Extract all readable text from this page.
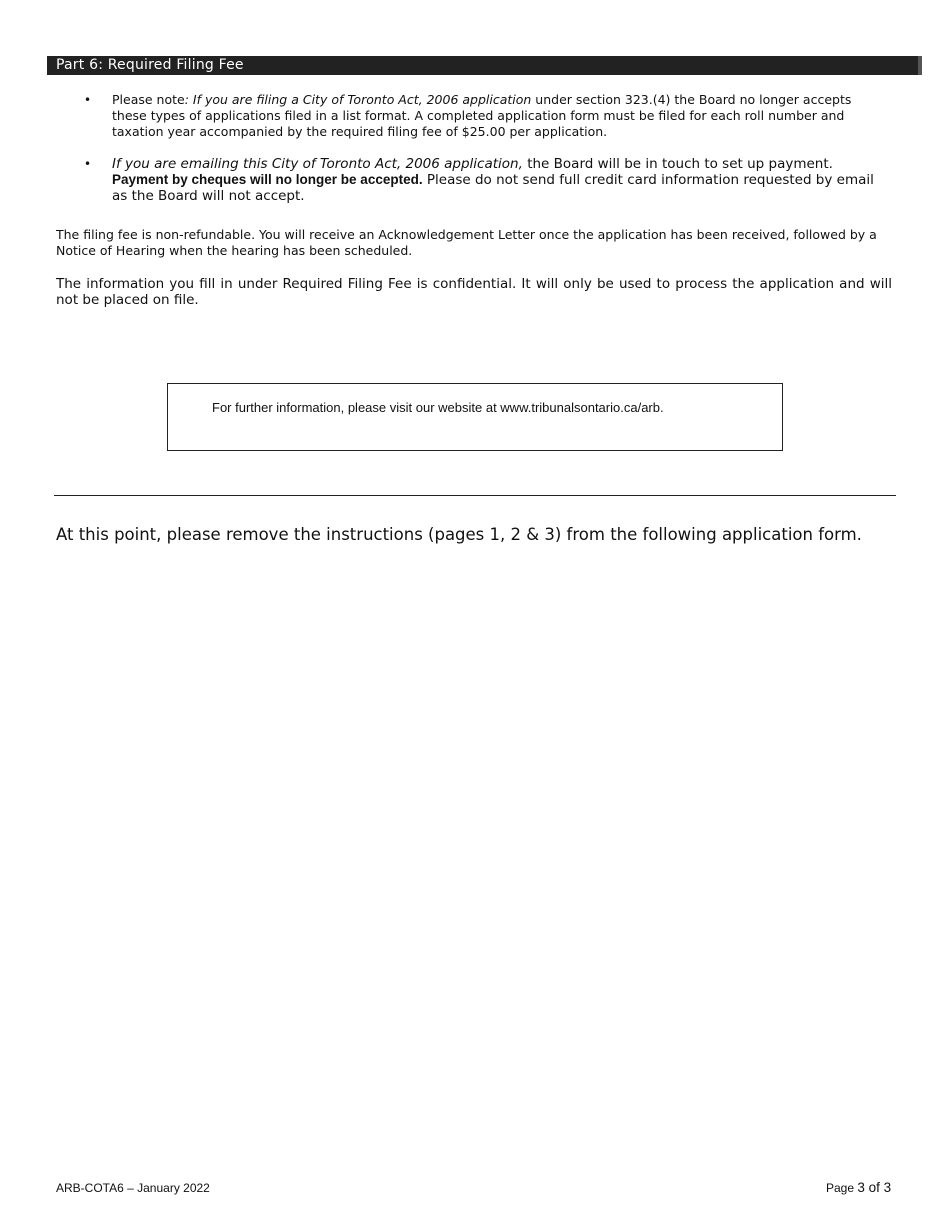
Part 6: Required Filing Fee
• Please note: If you are filing a City of Toronto Act, 2006 application under section 323.(4) the Board no longer accepts these types of applications filed in a list format. A completed application form must be filed for each roll number and taxation year accompanied by the required filing fee of $25.00 per application.
• If you are emailing this City of Toronto Act, 2006 application, the Board will be in touch to set up payment. Payment by cheques will no longer be accepted. Please do not send full credit card information requested by email as the Board will not accept.
The filing fee is non-refundable. You will receive an Acknowledgement Letter once the application has been received, followed by a Notice of Hearing when the hearing has been scheduled.
The information you fill in under Required Filing Fee is confidential. It will only be used to process the application and will not be placed on file.
For further information, please visit our website at www.tribunalsontario.ca/arb.
At this point, please remove the instructions (pages 1, 2 & 3) from the following application form.
ARB-COTA6 – January 2022	Page 3 of 3
